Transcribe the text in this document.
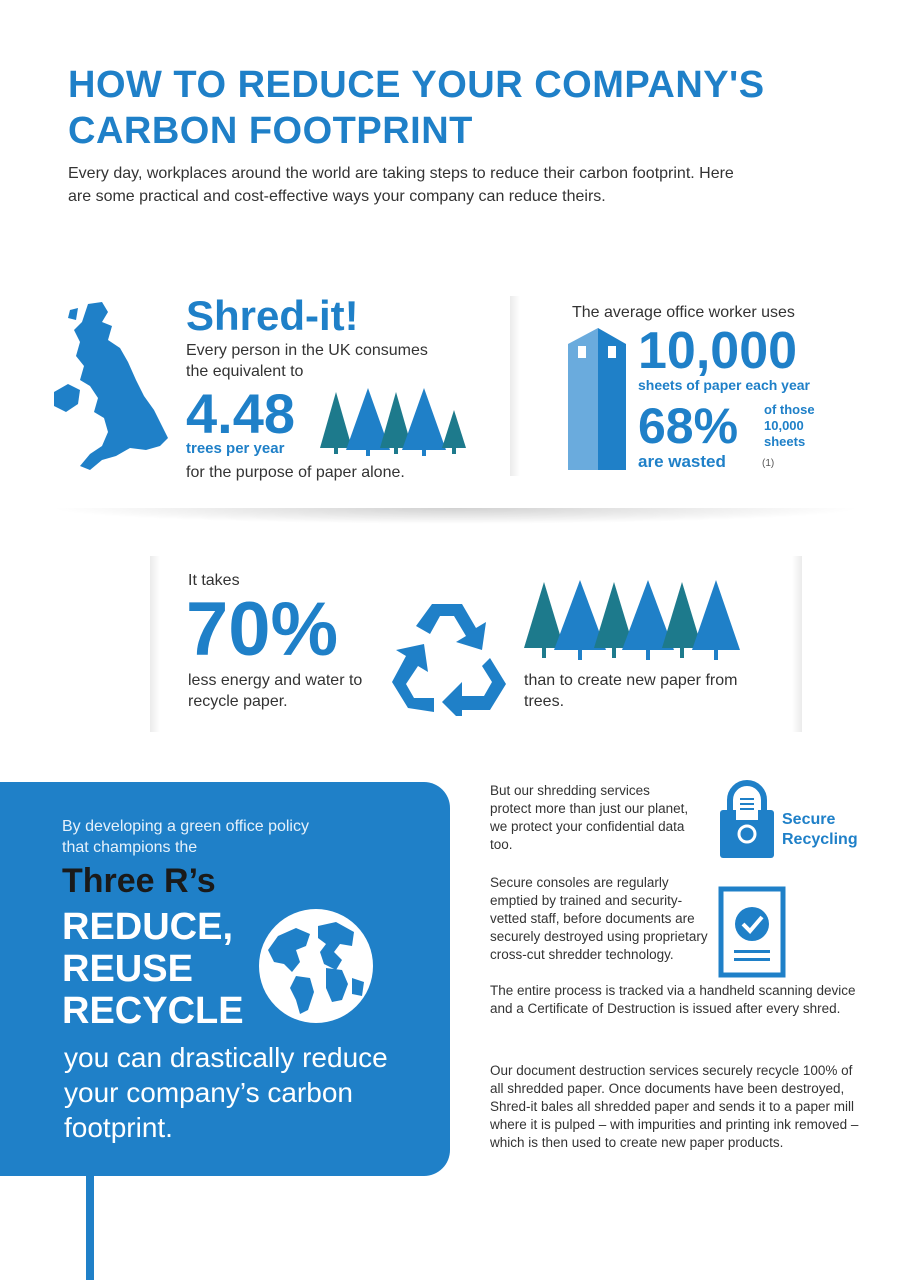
HOW TO REDUCE YOUR COMPANY'S CARBON FOOTPRINT

Every day, workplaces around the world are taking steps to reduce their carbon footprint. Here are some practical and cost-effective ways your company can reduce theirs.

Shred-it!
Every person in the UK consumes the equivalent to
4.48
trees per year
for the purpose of paper alone.
The average office worker uses
10,000
sheets of paper each year
68% of those 10,000 sheets
are wasted	(1)
It takes
70%
less energy and water to recycle paper.
than to create new paper from trees.
By developing a green office policy that champions the
Three R’s
REDUCE,
REUSE
RECYCLE
you can drastically reduce your company’s carbon footprint.
But our shredding services protect more than just our planet, we protect your confidential data too.
Secure Recycling
Secure consoles are regularly emptied by trained and security-vetted staff, before documents are securely destroyed using proprietary cross-cut shredder technology.
The entire process is tracked via a handheld scanning device and a Certificate of Destruction is issued after every shred.
Our document destruction services securely recycle 100% of all shredded paper. Once documents have been destroyed, Shred-it bales all shredded paper and sends it to a paper mill where it is pulped – with impurities and printing ink removed – which is then used to create new paper products.
